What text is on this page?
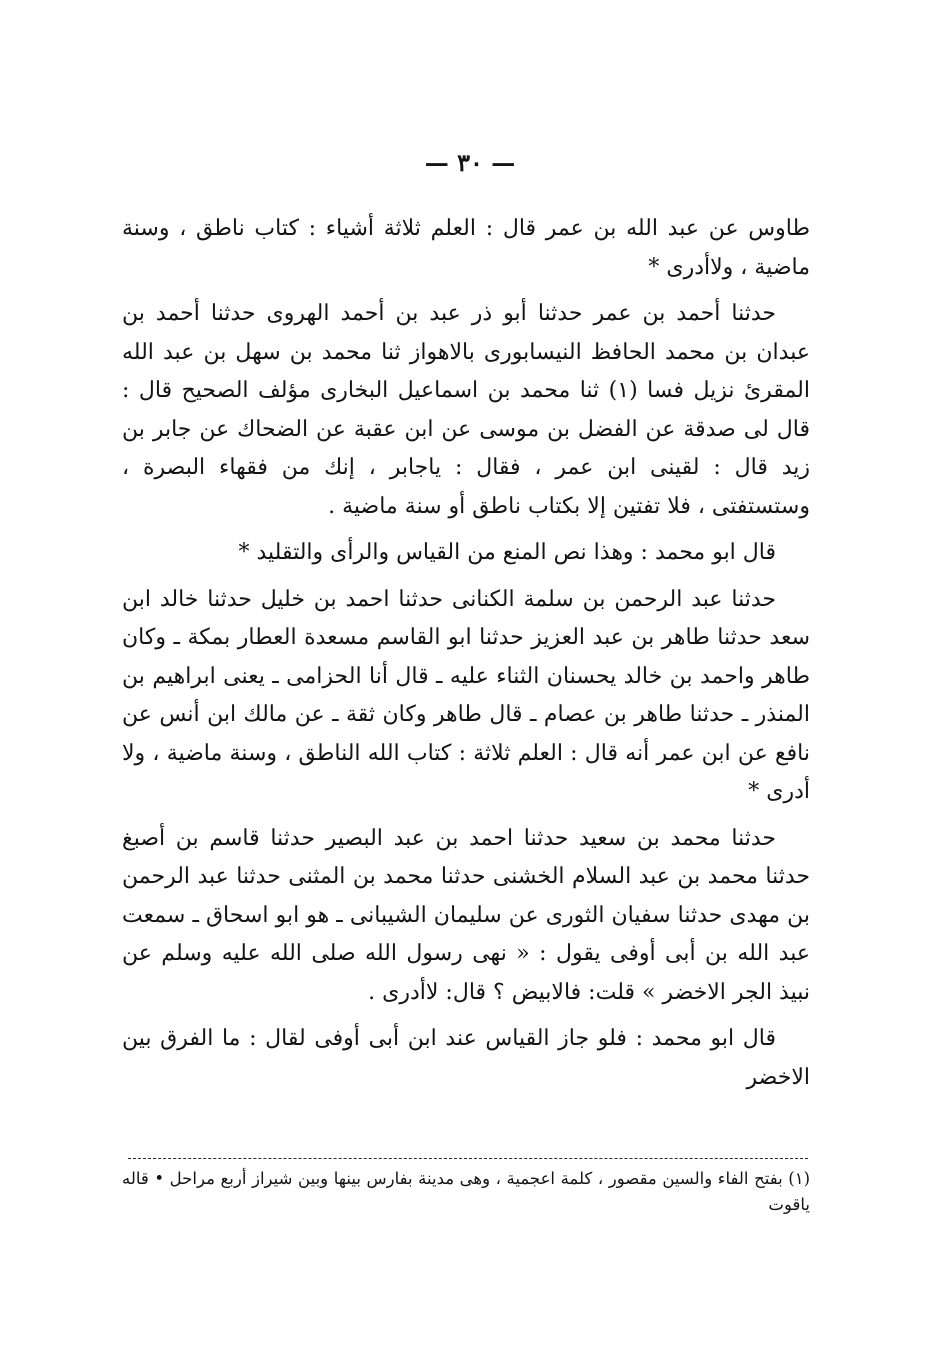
— ٣٠ —

طاوس عن عبد الله بن عمر قال : العلم ثلاثة أشياء : كتاب ناطق ، وسنة ماضية ، ولاأدرى *

حدثنا أحمد بن عمر حدثنا أبو ذر عبد بن أحمد الهروى حدثنا أحمد بن عبدان بن محمد الحافظ النيسابورى بالاهواز ثنا محمد بن سهل بن عبد الله المقرئ نزيل فسا (١) ثنا محمد بن اسماعيل البخارى مؤلف الصحيح قال : قال لى صدقة عن الفضل بن موسى عن ابن عقبة عن الضحاك عن جابر بن زيد قال : لقينى ابن عمر ، فقال : ياجابر ، إنك من فقهاء البصرة ، وستستفتى ، فلا تفتين إلا بكتاب ناطق أو سنة ماضية .

قال ابو محمد : وهذا نص المنع من القياس والرأى والتقليد *

حدثنا عبد الرحمن بن سلمة الكنانى حدثنا احمد بن خليل حدثنا خالد ابن سعد حدثنا طاهر بن عبد العزيز حدثنا ابو القاسم مسعدة العطار بمكة ـ وكان طاهر واحمد بن خالد يحسنان الثناء عليه ـ قال أنا الحزامى ـ يعنى ابراهيم بن المنذر ـ حدثنا طاهر بن عصام ـ قال طاهر وكان ثقة ـ عن مالك ابن أنس عن نافع عن ابن عمر أنه قال : العلم ثلاثة : كتاب الله الناطق ، وسنة ماضية ، ولا أدرى *

حدثنا محمد بن سعيد حدثنا احمد بن عبد البصير حدثنا قاسم بن أصبغ حدثنا محمد بن عبد السلام الخشنى حدثنا محمد بن المثنى حدثنا عبد الرحمن بن مهدى حدثنا سفيان الثورى عن سليمان الشيبانى ـ هو ابو اسحاق ـ سمعت عبد الله بن أبى أوفى يقول : « نهى رسول الله صلى الله عليه وسلم عن نبيذ الجر الاخضر » قلت: فالابيض ؟ قال: لاأدرى .

قال ابو محمد : فلو جاز القياس عند ابن أبى أوفى لقال : ما الفرق بين الاخضر

(١) بفتح الفاء والسين مقصور ، كلمة اعجمية ، وهى مدينة بفارس بينها وبين شيراز أربع مراحل • قاله ياقوت
